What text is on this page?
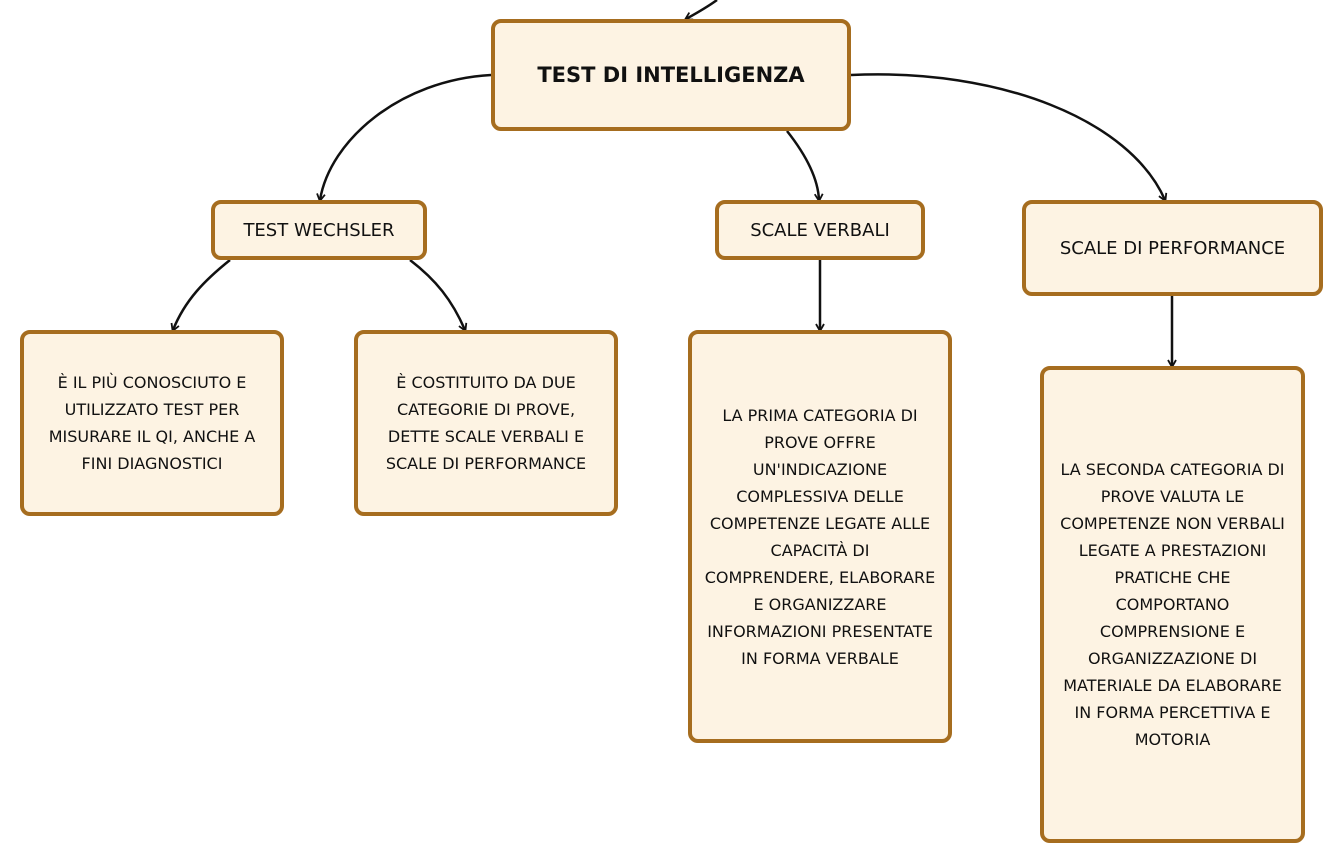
TEST DI INTELLIGENZA
TEST WECHSLER	SCALE VERBALI
SCALE DI PERFORMANCE
È IL PIÙ CONOSCIUTO E UTILIZZATO TEST PER MISURARE IL QI, ANCHE A FINI DIAGNOSTICI
È COSTITUITO DA DUE CATEGORIE DI PROVE, DETTE SCALE VERBALI E SCALE DI PERFORMANCE
LA PRIMA CATEGORIA DI PROVE OFFRE UN'INDICAZIONE COMPLESSIVA DELLE COMPETENZE LEGATE ALLE CAPACITÀ DI COMPRENDERE, ELABORARE E ORGANIZZARE INFORMAZIONI PRESENTATE IN FORMA VERBALE
LA SECONDA CATEGORIA DI PROVE VALUTA LE COMPETENZE NON VERBALI LEGATE A PRESTAZIONI PRATICHE CHE COMPORTANO COMPRENSIONE E ORGANIZZAZIONE DI MATERIALE DA ELABORARE IN FORMA PERCETTIVA E MOTORIA
